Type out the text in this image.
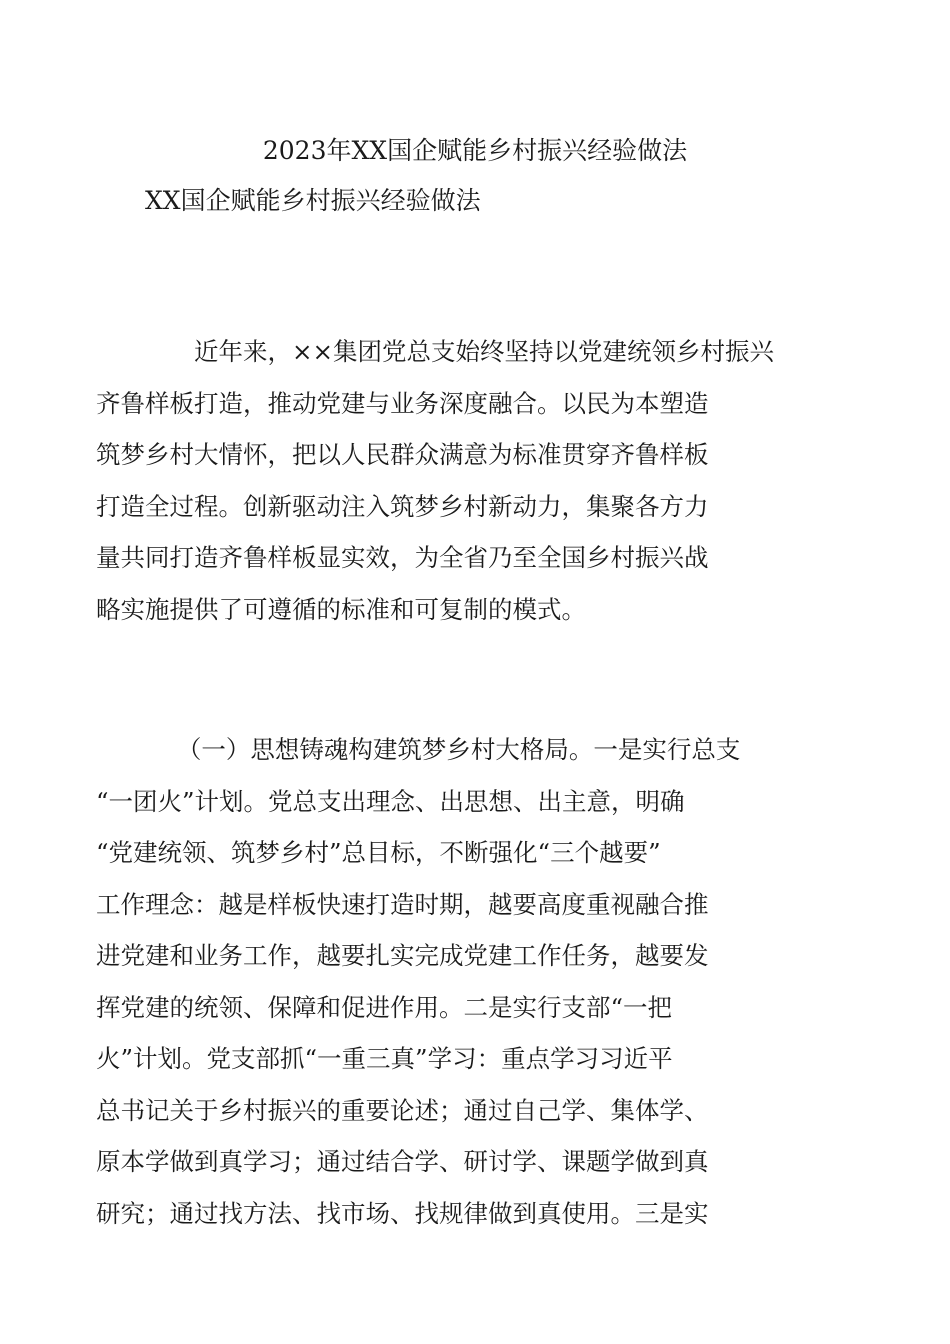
2023年XX国企赋能乡村振兴经验做法
XX国企赋能乡村振兴经验做法
近年来，××集团党总支始终坚持以党建统领乡村振兴
齐鲁样板打造，推动党建与业务深度融合。以民为本塑造
筑梦乡村大情怀，把以人民群众满意为标准贯穿齐鲁样板
打造全过程。创新驱动注入筑梦乡村新动力，集聚各方力
量共同打造齐鲁样板显实效，为全省乃至全国乡村振兴战
略实施提供了可遵循的标准和可复制的模式。
（一）思想铸魂构建筑梦乡村大格局。一是实行总支
“一团火”计划。党总支出理念、出思想、出主意，明确
“党建统领、筑梦乡村”总目标，不断强化“三个越要”
工作理念：越是样板快速打造时期，越要高度重视融合推
进党建和业务工作，越要扎实完成党建工作任务，越要发
挥党建的统领、保障和促进作用。二是实行支部“一把
火”计划。党支部抓“一重三真”学习：重点学习习近平
总书记关于乡村振兴的重要论述；通过自己学、集体学、
原本学做到真学习；通过结合学、研讨学、课题学做到真
研究；通过找方法、找市场、找规律做到真使用。三是实
